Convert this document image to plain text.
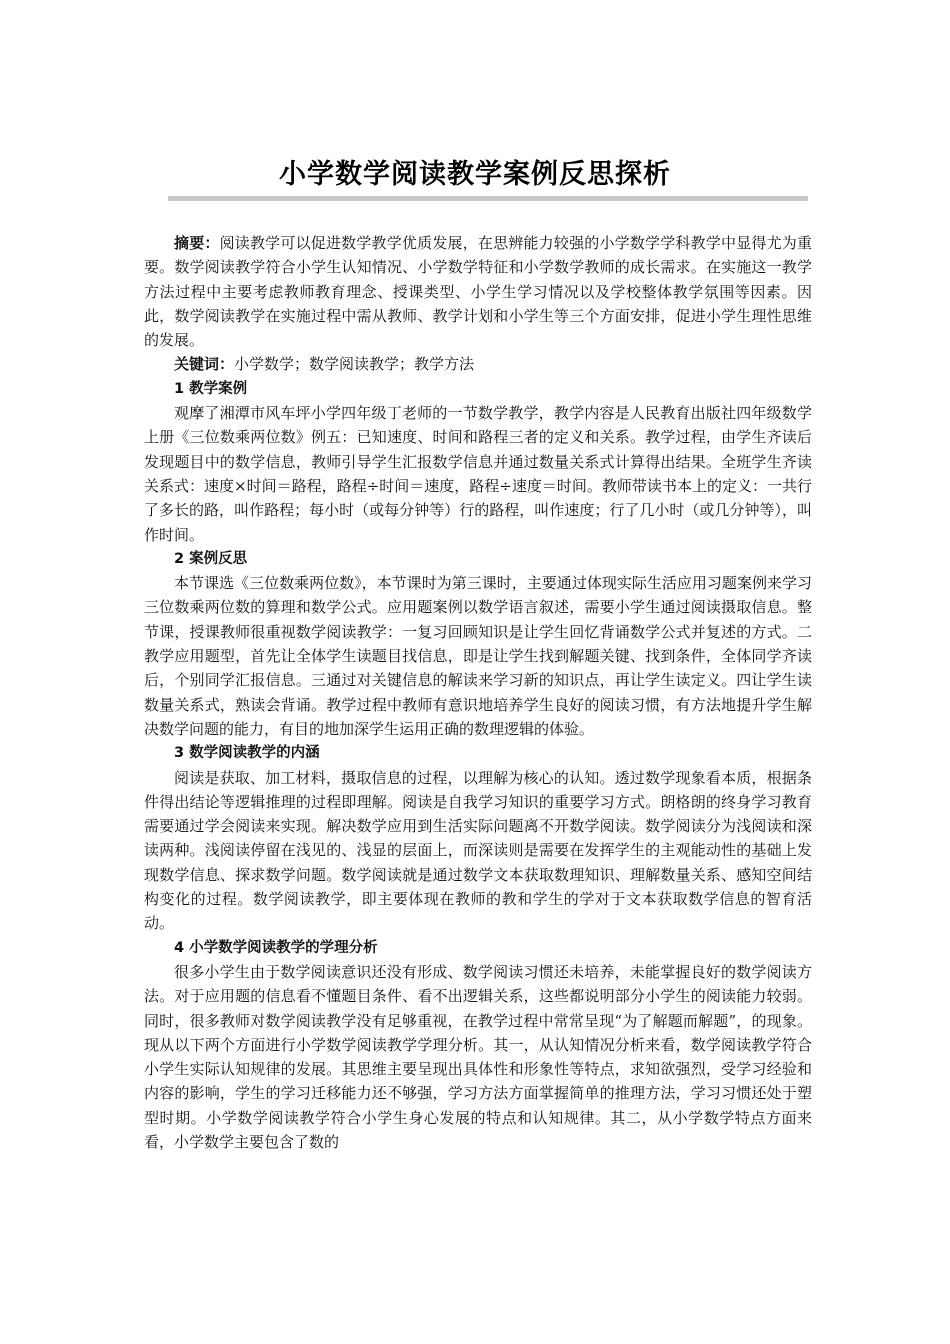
小学数学阅读教学案例反思探析

摘要：阅读教学可以促进数学教学优质发展，在思辨能力较强的小学数学学科教学中显得尤为重要。数学阅读教学符合小学生认知情况、小学数学特征和小学数学教师的成长需求。在实施这一教学方法过程中主要考虑教师教育理念、授课类型、小学生学习情况以及学校整体教学氛围等因素。因此，数学阅读教学在实施过程中需从教师、教学计划和小学生等三个方面安排，促进小学生理性思维的发展。

关键词：小学数学；数学阅读教学；教学方法

1 教学案例

观摩了湘潭市风车坪小学四年级丁老师的一节数学教学，教学内容是人民教育出版社四年级数学上册《三位数乘两位数》例五：已知速度、时间和路程三者的定义和关系。教学过程，由学生齐读后发现题目中的数学信息，教师引导学生汇报数学信息并通过数量关系式计算得出结果。全班学生齐读关系式：速度×时间＝路程，路程÷时间＝速度，路程÷速度＝时间。教师带读书本上的定义：一共行了多长的路，叫作路程；每小时（或每分钟等）行的路程，叫作速度；行了几小时（或几分钟等），叫作时间。

2 案例反思

本节课选《三位数乘两位数》，本节课时为第三课时，主要通过体现实际生活应用习题案例来学习三位数乘两位数的算理和数学公式。应用题案例以数学语言叙述，需要小学生通过阅读摄取信息。整节课，授课教师很重视数学阅读教学：一复习回顾知识是让学生回忆背诵数学公式并复述的方式。二教学应用题型，首先让全体学生读题目找信息，即是让学生找到解题关键、找到条件，全体同学齐读后，个别同学汇报信息。三通过对关键信息的解读来学习新的知识点，再让学生读定义。四让学生读数量关系式，熟读会背诵。教学过程中教师有意识地培养学生良好的阅读习惯，有方法地提升学生解决数学问题的能力，有目的地加深学生运用正确的数理逻辑的体验。

3 数学阅读教学的内涵

阅读是获取、加工材料，摄取信息的过程，以理解为核心的认知。透过数学现象看本质，根据条件得出结论等逻辑推理的过程即理解。阅读是自我学习知识的重要学习方式。朗格朗的终身学习教育需要通过学会阅读来实现。解决数学应用到生活实际问题离不开数学阅读。数学阅读分为浅阅读和深读两种。浅阅读停留在浅见的、浅显的层面上，而深读则是需要在发挥学生的主观能动性的基础上发现数学信息、探求数学问题。数学阅读就是通过数学文本获取数理知识、理解数量关系、感知空间结构变化的过程。数学阅读教学，即主要体现在教师的教和学生的学对于文本获取数学信息的智育活动。

4 小学数学阅读教学的学理分析

很多小学生由于数学阅读意识还没有形成、数学阅读习惯还未培养，未能掌握良好的数学阅读方法。对于应用题的信息看不懂题目条件、看不出逻辑关系，这些都说明部分小学生的阅读能力较弱。同时，很多教师对数学阅读教学没有足够重视，在教学过程中常常呈现“为了解题而解题”，的现象。现从以下两个方面进行小学数学阅读教学学理分析。其一，从认知情况分析来看，数学阅读教学符合小学生实际认知规律的发展。其思维主要呈现出具体性和形象性等特点，求知欲强烈，受学习经验和内容的影响，学生的学习迁移能力还不够强，学习方法方面掌握简单的推理方法，学习习惯还处于塑型时期。小学数学阅读教学符合小学生身心发展的特点和认知规律。其二，从小学数学特点方面来看，小学数学主要包含了数的
